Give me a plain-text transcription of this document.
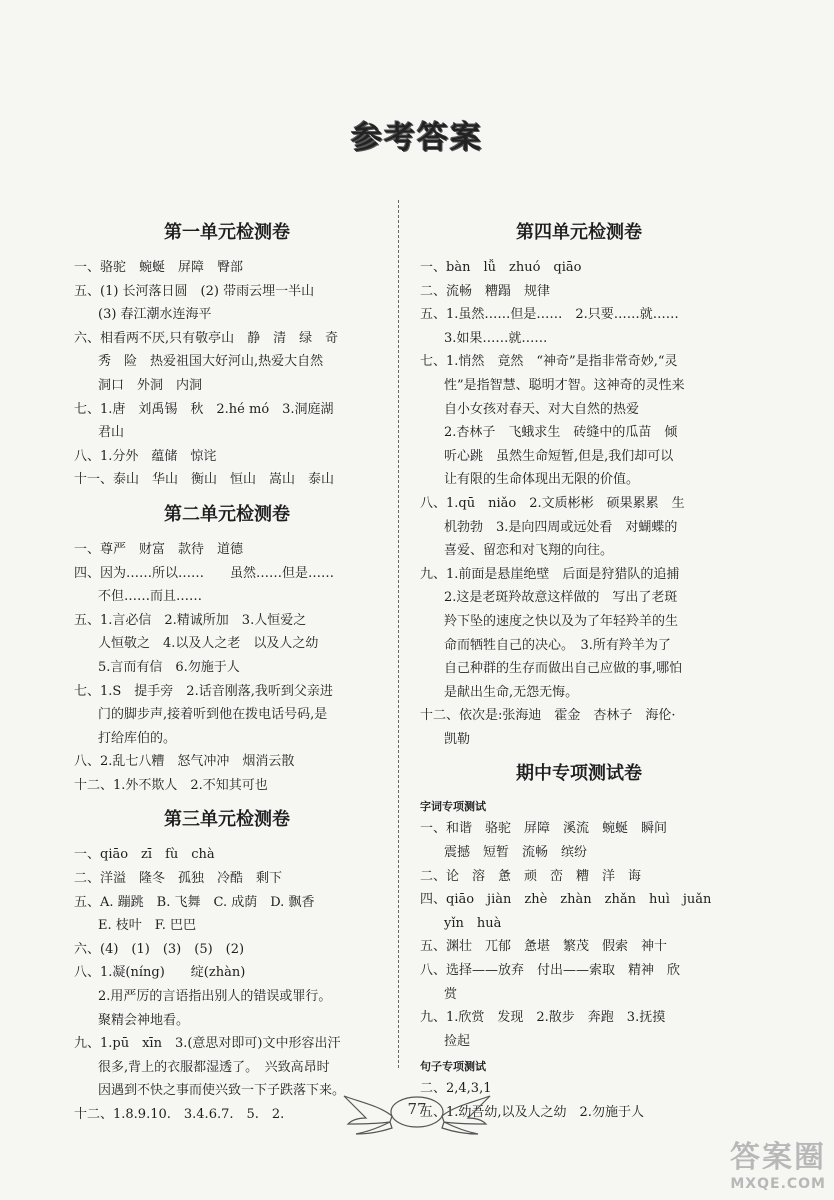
参考答案
第一单元检测卷
一、骆驼　蜿蜒　屏障　臀部
五、(1) 长河落日圆　(2) 带雨云埋一半山
(3) 春江潮水连海平
六、相看两不厌,只有敬亭山　静　清　绿　奇
秀　险　热爱祖国大好河山,热爱大自然
洞口　外洞　内洞
七、1.唐　刘禹锡　秋　2.hé mó　3.洞庭湖
君山
八、1.分外　蕴储　惊诧
十一、泰山　华山　衡山　恒山　嵩山　泰山
第二单元检测卷
一、尊严　财富　款待　道德
四、因为……所以……　　虽然……但是……
不但……而且……
五、1.言必信　2.精诚所加　3.人恒爱之
人恒敬之　4.以及人之老　以及人之幼
5.言而有信　6.勿施于人
七、1.S　提手旁　2.话音刚落,我听到父亲进
门的脚步声,接着听到他在拨电话号码,是
打给库伯的。
八、2.乱七八糟　怒气冲冲　烟消云散
十二、1.外不欺人　2.不知其可也
第三单元检测卷
一、qiāo　zī　fù　chà
二、洋溢　隆冬　孤独　冷酷　剩下
五、A. 蹦跳　B. 飞舞　C. 成荫　D. 飘香
E. 枝叶　F. 巴巴
六、(4)　(1)　(3)　(5)　(2)
八、1.凝(níng)　　绽(zhàn)
2.用严厉的言语指出别人的错误或罪行。
聚精会神地看。
九、1.pū　xīn　3.(意思对即可)文中形容出汗
很多,背上的衣服都湿透了。　兴致高昂时
因遇到不快之事而使兴致一下子跌落下来。
十二、1.8.9.10.　3.4.6.7.　5.　2.
第四单元检测卷
一、bàn　lǚ　zhuó　qiāo
二、流畅　糟蹋　规律
五、1.虽然……但是……　2.只要……就……
3.如果……就……
七、1.悄然　竟然　“神奇”是指非常奇妙,“灵
性”是指智慧、聪明才智。这神奇的灵性来
自小女孩对春天、对大自然的热爱
2.杏林子　飞蛾求生　砖缝中的瓜苗　倾
听心跳　虽然生命短暂,但是,我们却可以
让有限的生命体现出无限的价值。
八、1.qū　niǎo　2.文质彬彬　硕果累累　生
机勃勃　3.是向四周或远处看　对蝴蝶的
喜爱、留恋和对飞翔的向往。
九、1.前面是悬崖绝壁　后面是狩猎队的追捕
2.这是老斑羚故意这样做的　写出了老斑
羚下坠的速度之快以及为了年轻羚羊的生
命而牺牲自己的决心。　3.所有羚羊为了
自己种群的生存而做出自己应做的事,哪怕
是献出生命,无怨无悔。
十二、依次是:张海迪　霍金　杏林子　海伦·
凯勒
期中专项测试卷
字词专项测试
一、和谐　骆驼　屏障　溪流　蜿蜒　瞬间
震撼　短暂　流畅　缤纷
二、论　溶　惫　顽　峦　糟　洋　诲
四、qiāo　jiàn　zhè　zhàn　zhǎn　huì　juǎn
yǐn　huà
五、渊壮　兀郁　惫堪　繁茂　假索　神十
八、选择——放弃　付出——索取　精神　欣
赏
九、1.欣赏　发现　2.散步　奔跑　3.抚摸
捡起
句子专项测试
二、2,4,3,1
五、1.幼吾幼,以及人之幼　2.勿施于人
77
答案圈
MXQE.COM
